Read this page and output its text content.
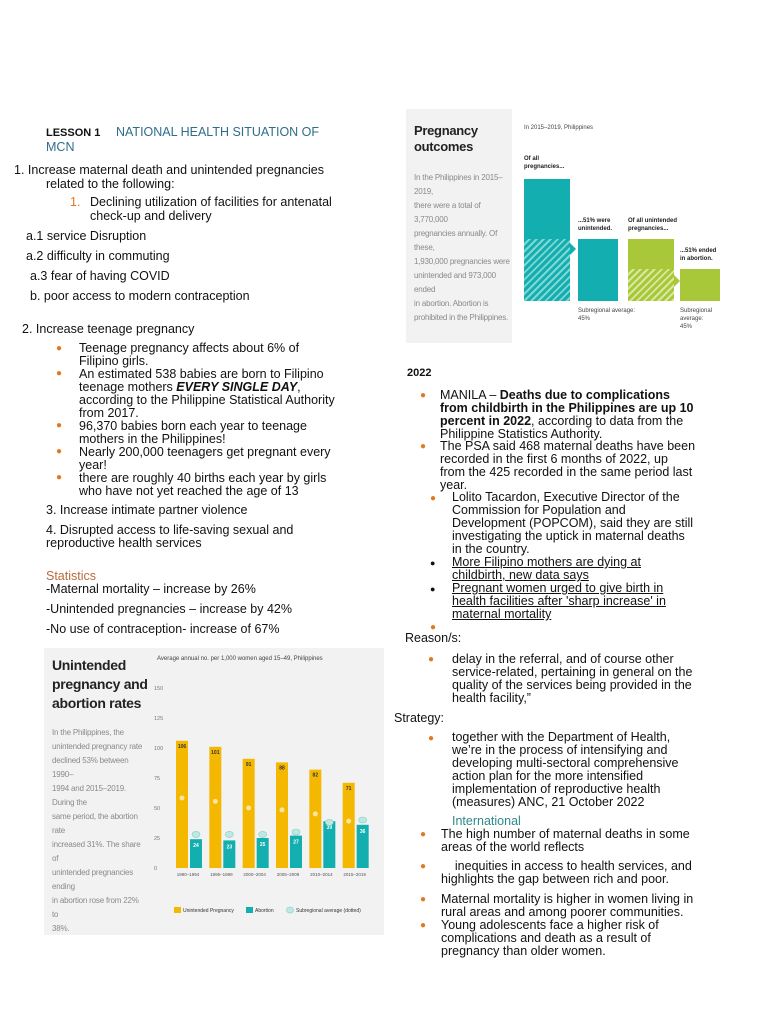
LESSON 1 NATIONAL HEALTH SITUATION OF
MCN
1. Increase maternal death and unintended pregnancies
related to the following:
1. Declining utilization of facilities for antenatal
check-up and delivery
a.1 service Disruption
a.2 difficulty in commuting
a.3 fear of having COVID
b. poor access to modern contraception
2. Increase teenage pregnancy
● Teenage pregnancy affects about 6% of
Filipino girls.
● An estimated 538 babies are born to Filipino
teenage mothers EVERY SINGLE DAY,
according to the Philippine Statistical Authority
from 2017.
● 96,370 babies born each year to teenage
mothers in the Philippines!
● Nearly 200,000 teenagers get pregnant every
year!
● there are roughly 40 births each year by girls
who have not yet reached the age of 13
3. Increase intimate partner violence
4. Disrupted access to life-saving sexual and
reproductive health services
Statistics
-Maternal mortality – increase by 26%
-Unintended pregnancies – increase by 42%
-No use of contraception- increase of 67%
Unintended
pregnancy and
abortion rates
In the Philippines, the
unintended pregnancy rate
declined 53% between 1990–
1994 and 2015–2019. During the
same period, the abortion rate
increased 31%. The share of
unintended pregnancies ending
in abortion rose from 22% to
38%.
Average annual no. per 1,000 women aged 15–49, Philippines
150
125
100
75
50
25
0
106
24
1990–1994
101
23
1995–1999
91
25
2000–2004
88
27
2005–2009
82
39
2010–2014
71
36
2015–2019
Unintended Pregnancy	Abortion	Subregional average (dotted)
Pregnancy
outcomes
In the Philippines in 2015–2019,
there were a total of 3,770,000
pregnancies annually. Of these,
1,930,000 pregnancies were
unintended and 973,000 ended
in abortion. Abortion is
prohibited in the Philippines.
In 2015–2019, Philippines
Of all
pregnancies...
...51% were
unintended.
Of all unintended
pregnancies...
...51% ended
in abortion.
Subregional average:
45%
Subregional average:
45%
2022
● MANILA – Deaths due to complications
from childbirth in the Philippines are up 10
percent in 2022, according to data from the
Philippine Statistics Authority.
● The PSA said 468 maternal deaths have been
recorded in the first 6 months of 2022, up
from the 425 recorded in the same period last
year.
● Lolito Tacardon, Executive Director of the
Commission for Population and
Development (POPCOM), said they are still
investigating the uptick in maternal deaths
in the country.
● More Filipino mothers are dying at
childbirth, new data says
● Pregnant women urged to give birth in
health facilities after 'sharp increase' in
maternal mortality
●
Reason/s:
● delay in the referral, and of course other
service-related, pertaining in general on the
quality of the services being provided in the
health facility,”
Strategy:
● together with the Department of Health,
we’re in the process of intensifying and
developing multi-sectoral comprehensive
action plan for the more intensified
implementation of reproductive health
(measures) ANC, 21 October 2022
International
● The high number of maternal deaths in some
areas of the world reflects
● inequities in access to health services, and
highlights the gap between rich and poor.
● Maternal mortality is higher in women living in
rural areas and among poorer communities.
● Young adolescents face a higher risk of
complications and death as a result of
pregnancy than older women.
